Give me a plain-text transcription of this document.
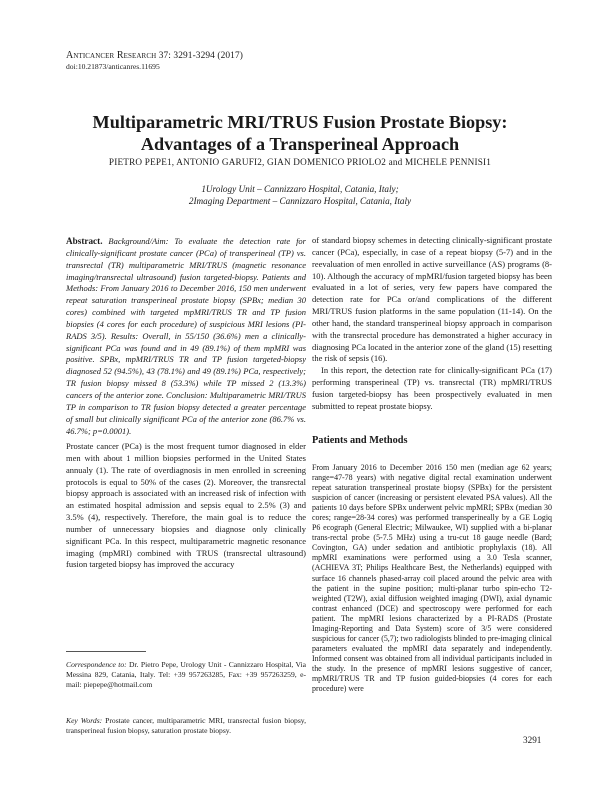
Anticancer Research 37: 3291-3294 (2017)
doi:10.21873/anticanres.11695
Multiparametric MRI/TRUS Fusion Prostate Biopsy:
Advantages of a Transperineal Approach
PIETRO PEPE1, ANTONIO GARUFI2, GIAN DOMENICO PRIOLO2 and MICHELE PENNISI1
1Urology Unit – Cannizzaro Hospital, Catania, Italy;
2Imaging Department – Cannizzaro Hospital, Catania, Italy
Abstract. Background/Aim: To evaluate the detection rate for clinically-significant prostate cancer (PCa) of transperineal (TP) vs. transrectal (TR) multiparametric MRI/TRUS (magnetic resonance imaging/transrectal ultrasound) fusion targeted-biopsy. Patients and Methods: From January 2016 to December 2016, 150 men underwent repeat saturation transperineal prostate biopsy (SPBx; median 30 cores) combined with targeted mpMRI/TRUS TR and TP fusion biopsies (4 cores for each procedure) of suspicious MRI lesions (PI-RADS 3/5). Results: Overall, in 55/150 (36.6%) men a clinically-significant PCa was found and in 49 (89.1%) of them mpMRI was positive. SPBx, mpMRI/TRUS TR and TP fusion targeted-biopsy diagnosed 52 (94.5%), 43 (78.1%) and 49 (89.1%) PCa, respectively; TR fusion biopsy missed 8 (53.3%) while TP missed 2 (13.3%) cancers of the anterior zone. Conclusion: Multiparametric MRI/TRUS TP in comparison to TR fusion biopsy detected a greater percentage of small but clinically significant PCa of the anterior zone (86.7% vs. 46.7%; p=0.0001).
Prostate cancer (PCa) is the most frequent tumor diagnosed in elder men with about 1 million biopsies performed in the United States annualy (1). The rate of overdiagnosis in men enrolled in screening protocols is equal to 50% of the cases (2). Moreover, the transrectal biopsy approach is associated with an increased risk of infection with an estimated hospital admission and sepsis equal to 2.5% (3) and 3.5% (4), respectively. Therefore, the main goal is to reduce the number of unnecessary biopsies and diagnose only clinically significant PCa. In this respect, multiparametric magnetic resonance imaging (mpMRI) combined with TRUS (transrectal ultrasound) fusion targeted biopsy has improved the accuracy

of standard biopsy schemes in detecting clinically-significant prostate cancer (PCa), especially, in case of a repeat biopsy (5-7) and in the reevaluation of men enrolled in active surveillance (AS) programs (8-10). Although the accuracy of mpMRI/fusion targeted biopsy has been evaluated in a lot of series, very few papers have compared the detection rate for PCa or/and complications of the different MRI/TRUS fusion platforms in the same population (11-14). On the other hand, the standard transperineal biopsy approach in comparison with the transrectal procedure has demonstrated a higher accuracy in diagnosing PCa located in the anterior zone of the gland (15) resetting the risk of sepsis (16).

In this report, the detection rate for clinically-significant PCa (17) performing transperineal (TP) vs. transrectal (TR) mpMRI/TRUS fusion targeted-biopsy has been prospectively evaluated in men submitted to repeat prostate biopsy.

Patients and Methods
From January 2016 to December 2016 150 men (median age 62 years; range=47-78 years) with negative digital rectal examination underwent repeat saturation transperineal prostate biopsy (SPBx) for the persistent suspicion of cancer (increasing or persistent elevated PSA values). All the patients 10 days before SPBx underwent pelvic mpMRI; SPBx (median 30 cores; range=28-34 cores) was performed transperineally by a GE Logiq P6 ecograph (General Electric; Milwaukee, WI) supplied with a bi-planar trans-rectal probe (5-7.5 MHz) using a tru-cut 18 gauge needle (Bard; Covington, GA) under sedation and antibiotic prophylaxis (18). All mpMRI examinations were performed using a 3.0 Tesla scanner, (ACHIEVA 3T; Philips Healthcare Best, the Netherlands) equipped with surface 16 channels phased-array coil placed around the pelvic area with the patient in the supine position; multi-planar turbo spin-echo T2-weighted (T2W), axial diffusion weighted imaging (DWI), axial dynamic contrast enhanced (DCE) and spectroscopy were performed for each patient. The mpMRI lesions characterized by a PI-RADS (Prostate Imaging-Reporting and Data System) score of 3/5 were considered suspicious for cancer (5,7); two radiologists blinded to pre-imaging clinical parameters evaluated the mpMRI data separately and independently. Informed consent was obtained from all individual participants included in the study. In the presence of mpMRI lesions suggestive of cancer, mpMRI/TRUS TR and TP fusion guided-biopsies (4 cores for each procedure) were
Correspondence to: Dr. Pietro Pepe, Urology Unit - Cannizzaro Hospital, Via Messina 829, Catania, Italy. Tel: +39 957263285, Fax: +39 957263259, e-mail: piepepe@hotmail.com
Key Words: Prostate cancer, multiparametric MRI, transrectal fusion biopsy, transperineal fusion biopsy, saturation prostate biopsy.
3291
